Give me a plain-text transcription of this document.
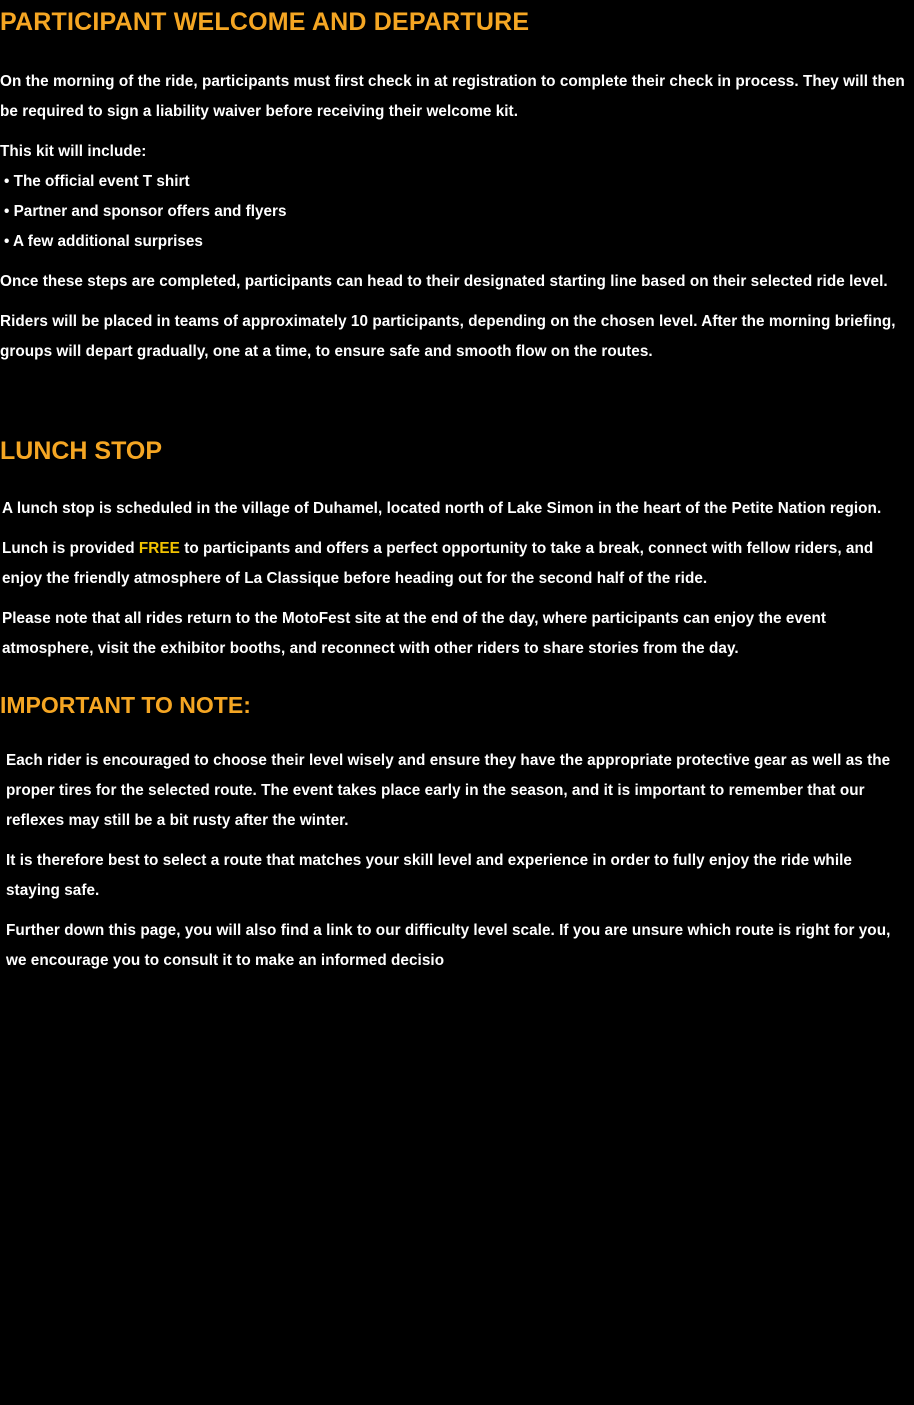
PARTICIPANT WELCOME AND DEPARTURE

On the morning of the ride, participants must first check in at registration to complete their check in process. They will then be required to sign a liability waiver before receiving their welcome kit.

This kit will include:

• The official event T shirt

• Partner and sponsor offers and flyers

• A few additional surprises

Once these steps are completed, participants can head to their designated starting line based on their selected ride level.

Riders will be placed in teams of approximately 10 participants, depending on the chosen level. After the morning briefing, groups will depart gradually, one at a time, to ensure safe and smooth flow on the routes.

LUNCH STOP

A lunch stop is scheduled in the village of Duhamel, located north of Lake Simon in the heart of the Petite Nation region.

Lunch is provided FREE to participants and offers a perfect opportunity to take a break, connect with fellow riders, and enjoy the friendly atmosphere of La Classique before heading out for the second half of the ride.

Please note that all rides return to the MotoFest site at the end of the day, where participants can enjoy the event atmosphere, visit the exhibitor booths, and reconnect with other riders to share stories from the day.

IMPORTANT TO NOTE:

Each rider is encouraged to choose their level wisely and ensure they have the appropriate protective gear as well as the proper tires for the selected route. The event takes place early in the season, and it is important to remember that our reflexes may still be a bit rusty after the winter.

It is therefore best to select a route that matches your skill level and experience in order to fully enjoy the ride while staying safe.

Further down this page, you will also find a link to our difficulty level scale. If you are unsure which route is right for you, we encourage you to consult it to make an informed decisio
